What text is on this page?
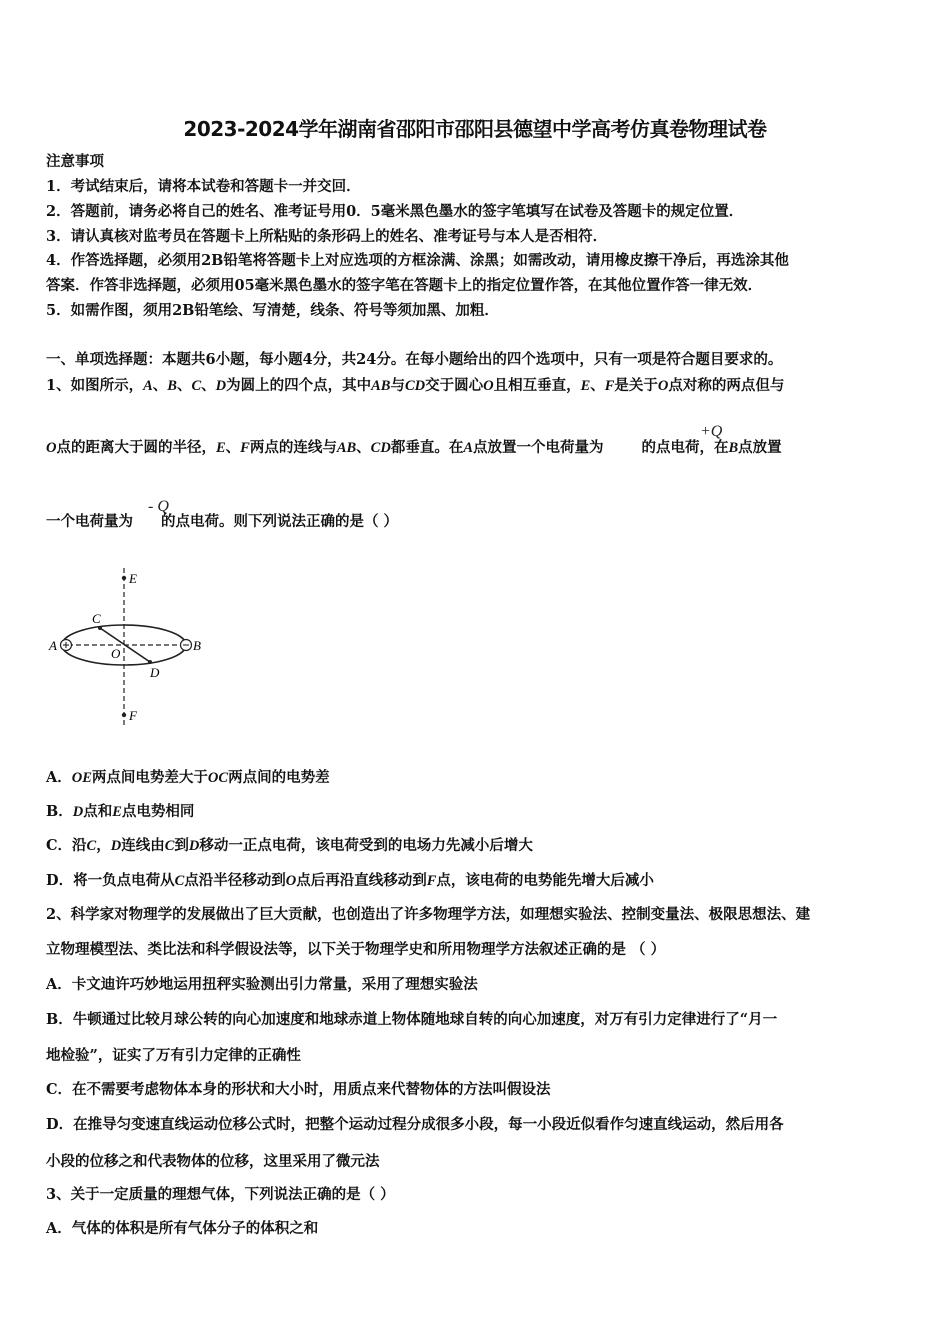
2023-2024学年湖南省邵阳市邵阳县德望中学高考仿真卷物理试卷
注意事项
1．考试结束后，请将本试卷和答题卡一并交回．
2．答题前，请务必将自己的姓名、准考证号用0．5毫米黑色墨水的签字笔填写在试卷及答题卡的规定位置．
3．请认真核对监考员在答题卡上所粘贴的条形码上的姓名、准考证号与本人是否相符．
4．作答选择题，必须用2B铅笔将答题卡上对应选项的方框涂满、涂黑；如需改动，请用橡皮擦干净后，再选涂其他
答案．作答非选择题，必须用05毫米黑色墨水的签字笔在答题卡上的指定位置作答，在其他位置作答一律无效．
5．如需作图，须用2B铅笔绘、写清楚，线条、符号等须加黑、加粗．
一、单项选择题：本题共6小题，每小题4分，共24分。在每小题给出的四个选项中，只有一项是符合题目要求的。
1、如图所示，A、B、C、D为圆上的四个点，其中AB与CD交于圆心O且相互垂直，E、F是关于O点对称的两点但与
O点的距离大于圆的半径，E、F两点的连线与AB、CD都垂直。在A点放置一个电荷量为	的点电荷，在B点放置
+Q
一个电荷量为 的点电荷。则下列说法正确的是（ ）
- Q
E
F
A	B
C
D
O
A．OE两点间电势差大于OC两点间的电势差
B．D点和E点电势相同
C．沿C，D连线由C到D移动一正点电荷，该电荷受到的电场力先减小后增大
D．将一负点电荷从C点沿半径移动到O点后再沿直线移动到F点，该电荷的电势能先增大后减小
2、科学家对物理学的发展做出了巨大贡献，也创造出了许多物理学方法，如理想实验法、控制变量法、极限思想法、建
立物理模型法、类比法和科学假设法等，以下关于物理学史和所用物理学方法叙述正确的是 （ ）
A．卡文迪许巧妙地运用扭秤实验测出引力常量，采用了理想实验法
B．牛顿通过比较月球公转的向心加速度和地球赤道上物体随地球自转的向心加速度，对万有引力定律进行了“月一
地检验”，证实了万有引力定律的正确性
C．在不需要考虑物体本身的形状和大小时，用质点来代替物体的方法叫假设法
D．在推导匀变速直线运动位移公式时，把整个运动过程分成很多小段，每一小段近似看作匀速直线运动，然后用各
小段的位移之和代表物体的位移，这里采用了微元法
3、关于一定质量的理想气体，下列说法正确的是（ ）
A．气体的体积是所有气体分子的体积之和
